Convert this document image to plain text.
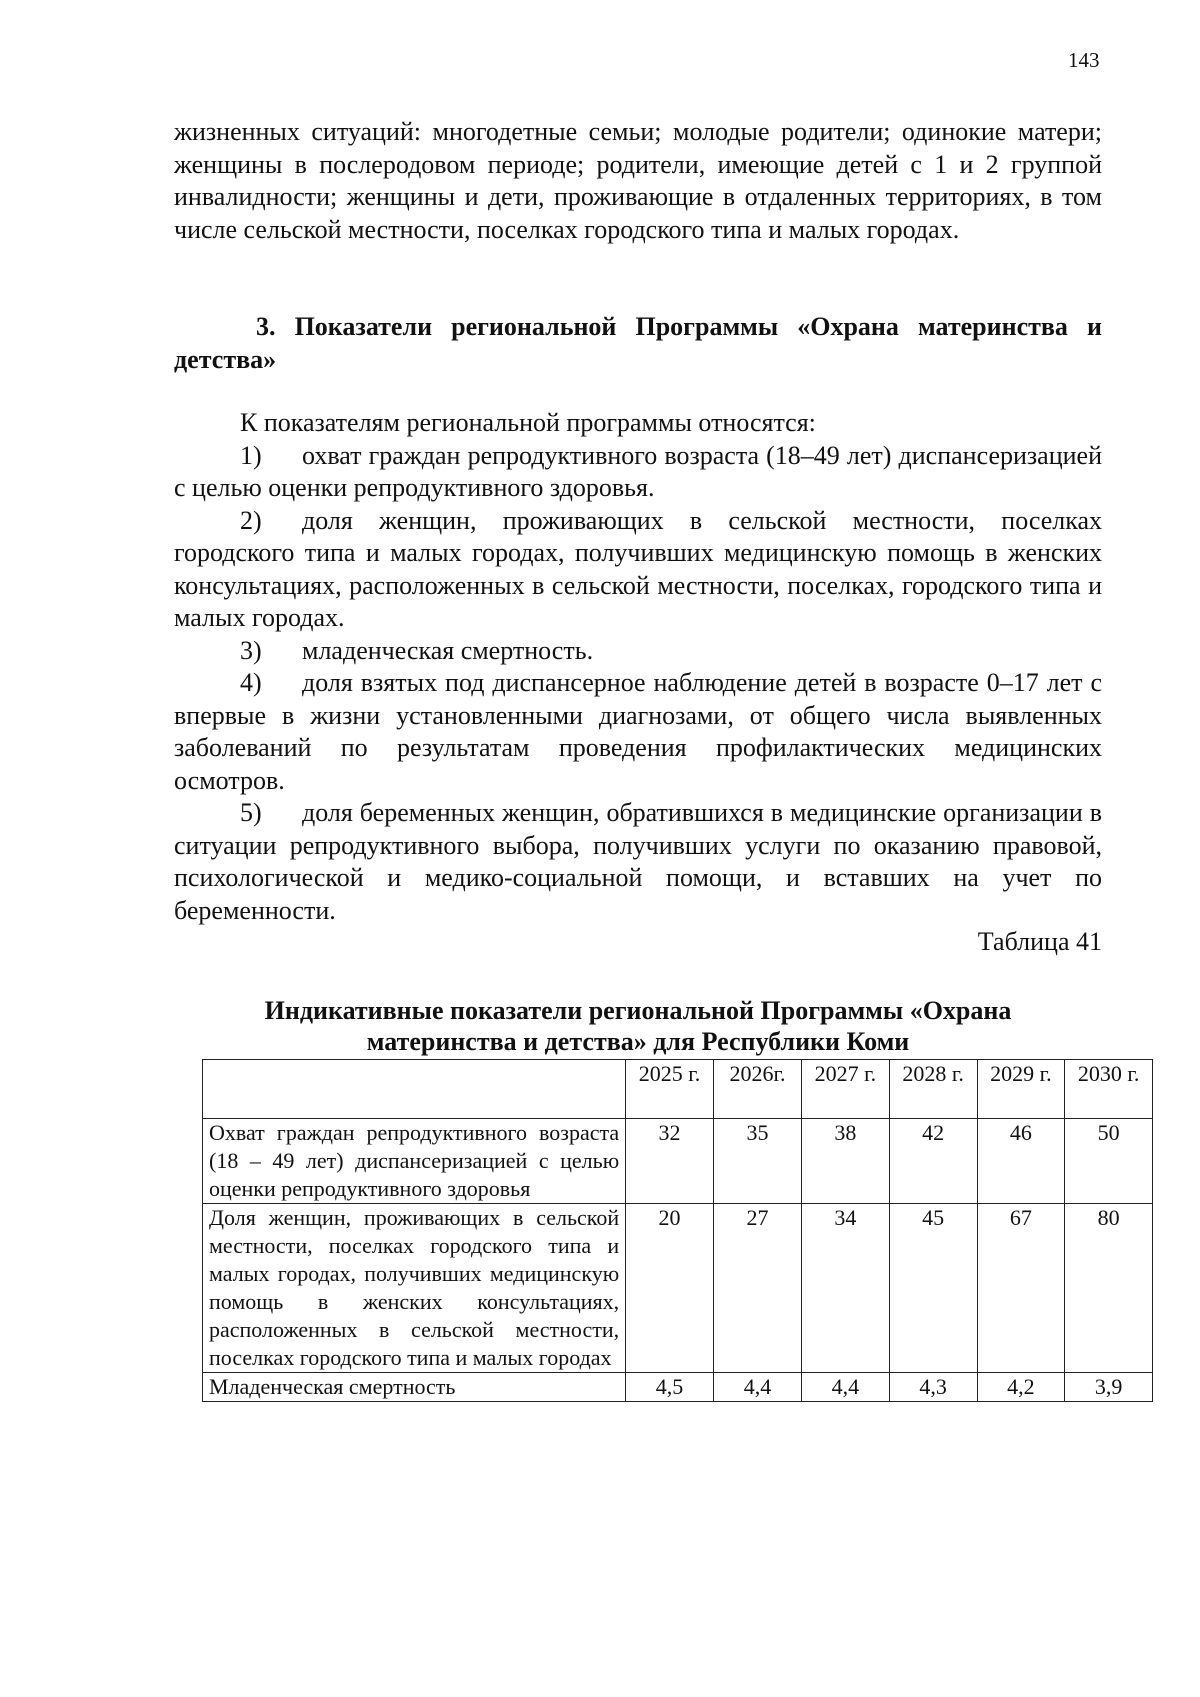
143

жизненных ситуаций: многодетные семьи; молодые родители; одинокие матери; женщины в послеродовом периоде; родители, имеющие детей с 1 и 2 группой инвалидности; женщины и дети, проживающие в отдаленных территориях, в том числе сельской местности, поселках городского типа и малых городах.

3. Показатели региональной Программы «Охрана материнства и детства»

К показателям региональной программы относятся:

1) охват граждан репродуктивного возраста (18–49 лет) диспансеризацией с целью оценки репродуктивного здоровья.

2) доля женщин, проживающих в сельской местности, поселках городского типа и малых городах, получивших медицинскую помощь в женских консультациях, расположенных в сельской местности, поселках, городского типа и малых городах.

3) младенческая смертность.

4) доля взятых под диспансерное наблюдение детей в возрасте 0–17 лет с впервые в жизни установленными диагнозами, от общего числа выявленных заболеваний по результатам проведения профилактических медицинских осмотров.

5) доля беременных женщин, обратившихся в медицинские организации в ситуации репродуктивного выбора, получивших услуги по оказанию правовой, психологической и медико-социальной помощи, и вставших на учет по беременности.

Таблица 41
Индикативные показатели региональной Программы «Охрана
материнства и детства» для Республики Коми
	2025 г.	2026г.	2027 г.	2028 г.	2029 г.	2030 г.
Охват граждан репродуктивного возраста (18 – 49 лет) диспансеризацией с целью оценки репродуктивного здоровья	32	35	38	42	46	50
Доля женщин, проживающих в сельской местности, поселках городского типа и малых городах, получивших медицинскую помощь в женских консультациях, расположенных в сельской местности, поселках городского типа и малых городах	20	27	34	45	67	80
Младенческая смертность	4,5	4,4	4,4	4,3	4,2	3,9
